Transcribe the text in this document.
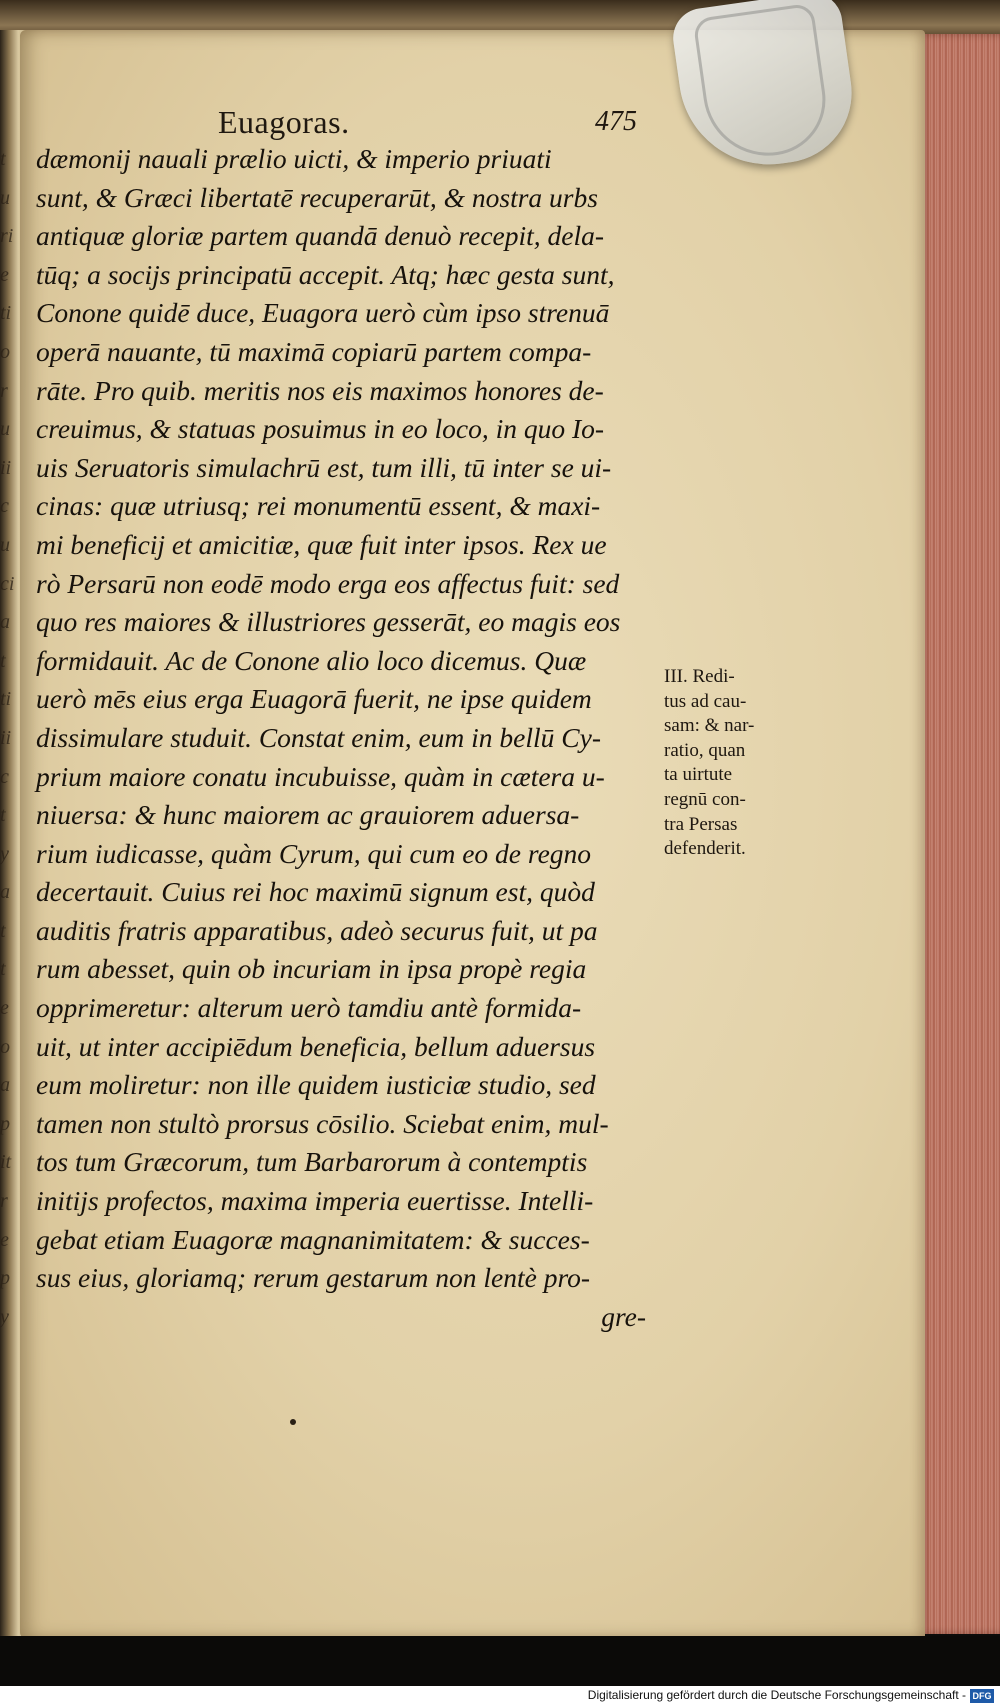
t
u
ri
e
ti
o
r
u
ii
c
u
ci
a
t
ti
ii
c
t
y
a
t
t
e
o
a
p
it
r
e
p
y
Euagoras.	475
dæmonij nauali prælio uicti, & imperio priuati
sunt, & Græci libertatē recuperarūt, & nostra urbs
antiquæ gloriæ partem quandā denuò recepit, dela-
tūq; a socijs principatū accepit. Atq; hæc gesta sunt,
Conone quidē duce, Euagora uerò cùm ipso strenuā
operā nauante, tū maximā copiarū partem compa-
rāte. Pro quib. meritis nos eis maximos honores de-
creuimus, & statuas posuimus in eo loco, in quo Io-
uis Seruatoris simulachrū est, tum illi, tū inter se ui-
cinas: quæ utriusq; rei monumentū essent, & maxi-
mi beneficij et amicitiæ, quæ fuit inter ipsos. Rex ue
rò Persarū non eodē modo erga eos affectus fuit: sed
quo res maiores & illustriores gesserāt, eo magis eos
formidauit. Ac de Conone alio loco dicemus. Quæ
uerò mēs eius erga Euagorā fuerit, ne ipse quidem
dissimulare studuit. Constat enim, eum in bellū Cy-
prium maiore conatu incubuisse, quàm in cætera u-
niuersa: & hunc maiorem ac grauiorem aduersa-
rium iudicasse, quàm Cyrum, qui cum eo de regno
decertauit. Cuius rei hoc maximū signum est, quòd
auditis fratris apparatibus, adeò securus fuit, ut pa
rum abesset, quin ob incuriam in ipsa propè regia
opprimeretur: alterum uerò tamdiu antè formida-
uit, ut inter accipiēdum beneficia, bellum aduersus
eum moliretur: non ille quidem iusticiæ studio, sed
tamen non stultò prorsus cōsilio. Sciebat enim, mul-
tos tum Græcorum, tum Barbarorum à contemptis
initijs profectos, maxima imperia euertisse. Intelli-
gebat etiam Euagoræ magnanimitatem: & succes-
sus eius, gloriamq; rerum gestarum non lentè pro-
gre-
III. Redi-
tus ad cau-
sam: & nar-
ratio, quan
ta uirtute
regnū con-
tra Persas
defenderit.
Digitalisierung gefördert durch die Deutsche Forschungsgemeinschaft - DFG
